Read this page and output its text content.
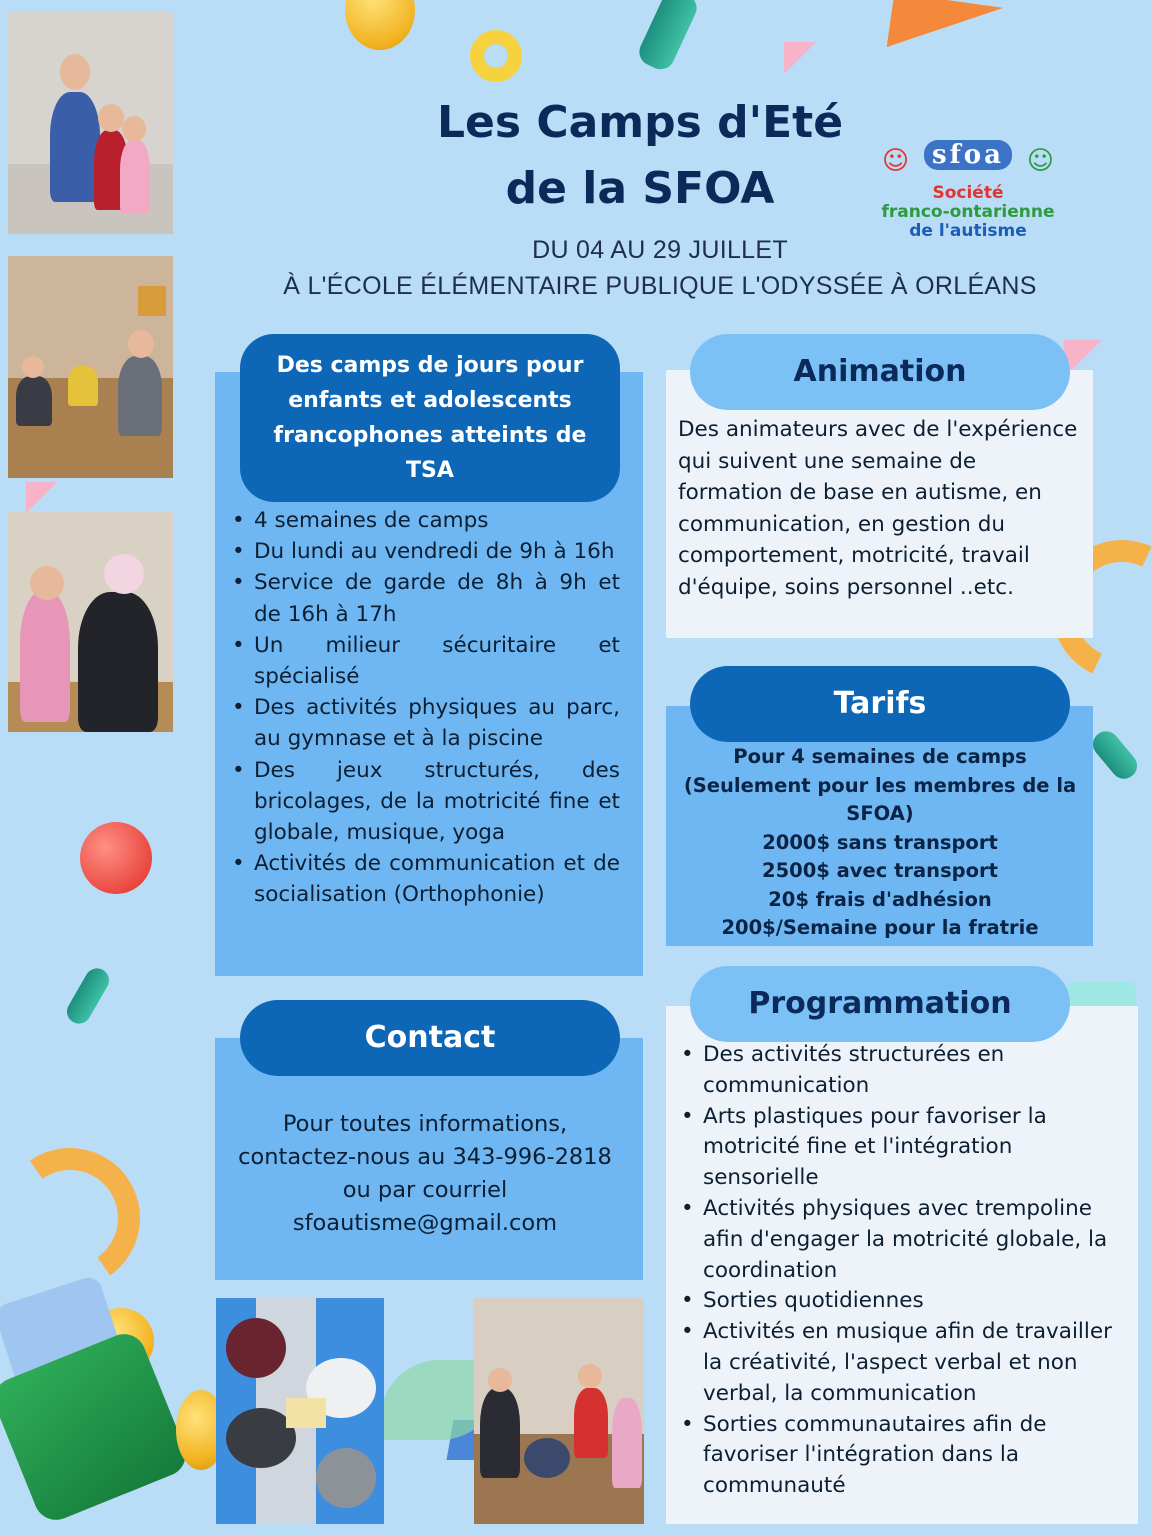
Les Camps d'Eté
de la SFOA
DU 04 AU 29 JUILLET
À L'ÉCOLE ÉLÉMENTAIRE PUBLIQUE L'ODYSSÉE À ORLÉANS
☺ sfoa ☺
Société
franco-ontarienne
de l'autisme
Des camps de jours pour enfants et adolescents francophones atteints de TSA
• 4 semaines de camps
• Du lundi au vendredi de 9h à 16h
• Service de garde de 8h à 9h et de 16h à 17h
• Un milieur sécuritaire et spécialisé
• Des activités physiques au parc, au gymnase et à la piscine
• Des jeux structurés, des bricolages, de la motricité fine et globale, musique, yoga
• Activités de communication et de socialisation (Orthophonie)
Animation
Des animateurs avec de l'expérience qui suivent une semaine de formation de base en autisme, en communication, en gestion du comportement, motricité, travail d'équipe, soins personnel ..etc.
Tarifs
Pour 4 semaines de camps
(Seulement pour les membres de la SFOA)
2000$ sans transport
2500$ avec transport
20$ frais d'adhésion
200$/Semaine pour la fratrie
Contact
Pour toutes informations,
contactez-nous au 343-996-2818
ou par courriel
sfoautisme@gmail.com
Programmation
• Des activités structurées en communication
• Arts plastiques pour favoriser la motricité fine et l'intégration sensorielle
• Activités physiques avec trempoline afin d'engager la motricité globale, la coordination
• Sorties quotidiennes
• Activités en musique afin de travailler la créativité, l'aspect verbal et non verbal, la communication
• Sorties communautaires afin de favoriser l'intégration dans la communauté
